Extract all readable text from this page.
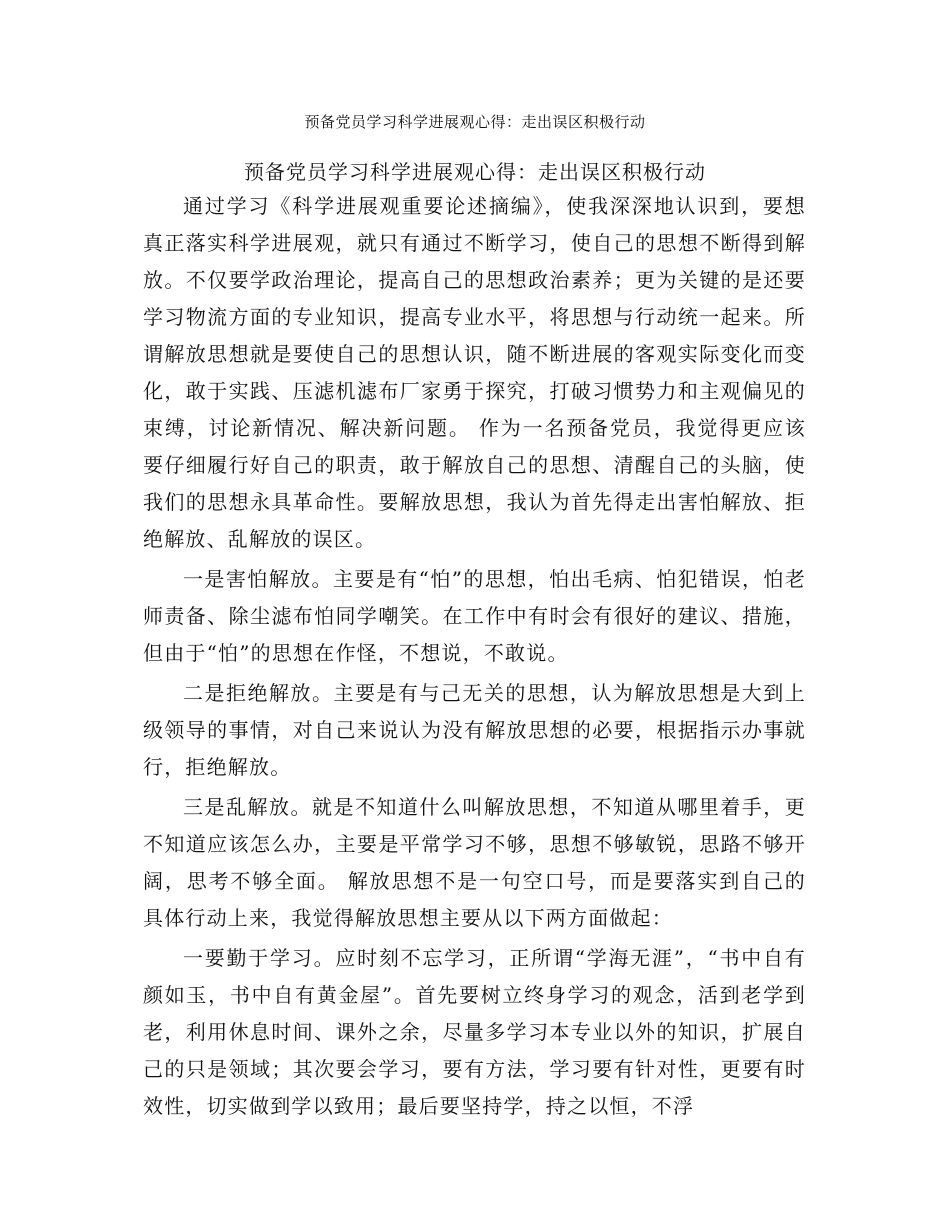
预备党员学习科学进展观心得：走出误区积极行动
预备党员学习科学进展观心得：走出误区积极行动

通过学习《科学进展观重要论述摘编》，使我深深地认识到，要想真正落实科学进展观，就只有通过不断学习，使自己的思想不断得到解放。不仅要学政治理论，提高自己的思想政治素养；更为关键的是还要学习物流方面的专业知识，提高专业水平，将思想与行动统一起来。所谓解放思想就是要使自己的思想认识，随不断进展的客观实际变化而变化，敢于实践、压滤机滤布厂家勇于探究，打破习惯势力和主观偏见的束缚，讨论新情况、解决新问题。 作为一名预备党员，我觉得更应该要仔细履行好自己的职责，敢于解放自己的思想、清醒自己的头脑，使我们的思想永具革命性。要解放思想，我认为首先得走出害怕解放、拒绝解放、乱解放的误区。

一是害怕解放。主要是有“怕”的思想，怕出毛病、怕犯错误，怕老师责备、除尘滤布怕同学嘲笑。在工作中有时会有很好的建议、措施，但由于“怕”的思想在作怪，不想说，不敢说。

二是拒绝解放。主要是有与己无关的思想，认为解放思想是大到上级领导的事情，对自己来说认为没有解放思想的必要，根据指示办事就行，拒绝解放。

三是乱解放。就是不知道什么叫解放思想，不知道从哪里着手，更不知道应该怎么办，主要是平常学习不够，思想不够敏锐，思路不够开阔，思考不够全面。 解放思想不是一句空口号，而是要落实到自己的具体行动上来，我觉得解放思想主要从以下两方面做起：

一要勤于学习。应时刻不忘学习，正所谓“学海无涯”，“书中自有颜如玉，书中自有黄金屋”。首先要树立终身学习的观念，活到老学到老，利用休息时间、课外之余，尽量多学习本专业以外的知识，扩展自己的只是领域；其次要会学习，要有方法，学习要有针对性，更要有时效性，切实做到学以致用；最后要坚持学，持之以恒，不浮
